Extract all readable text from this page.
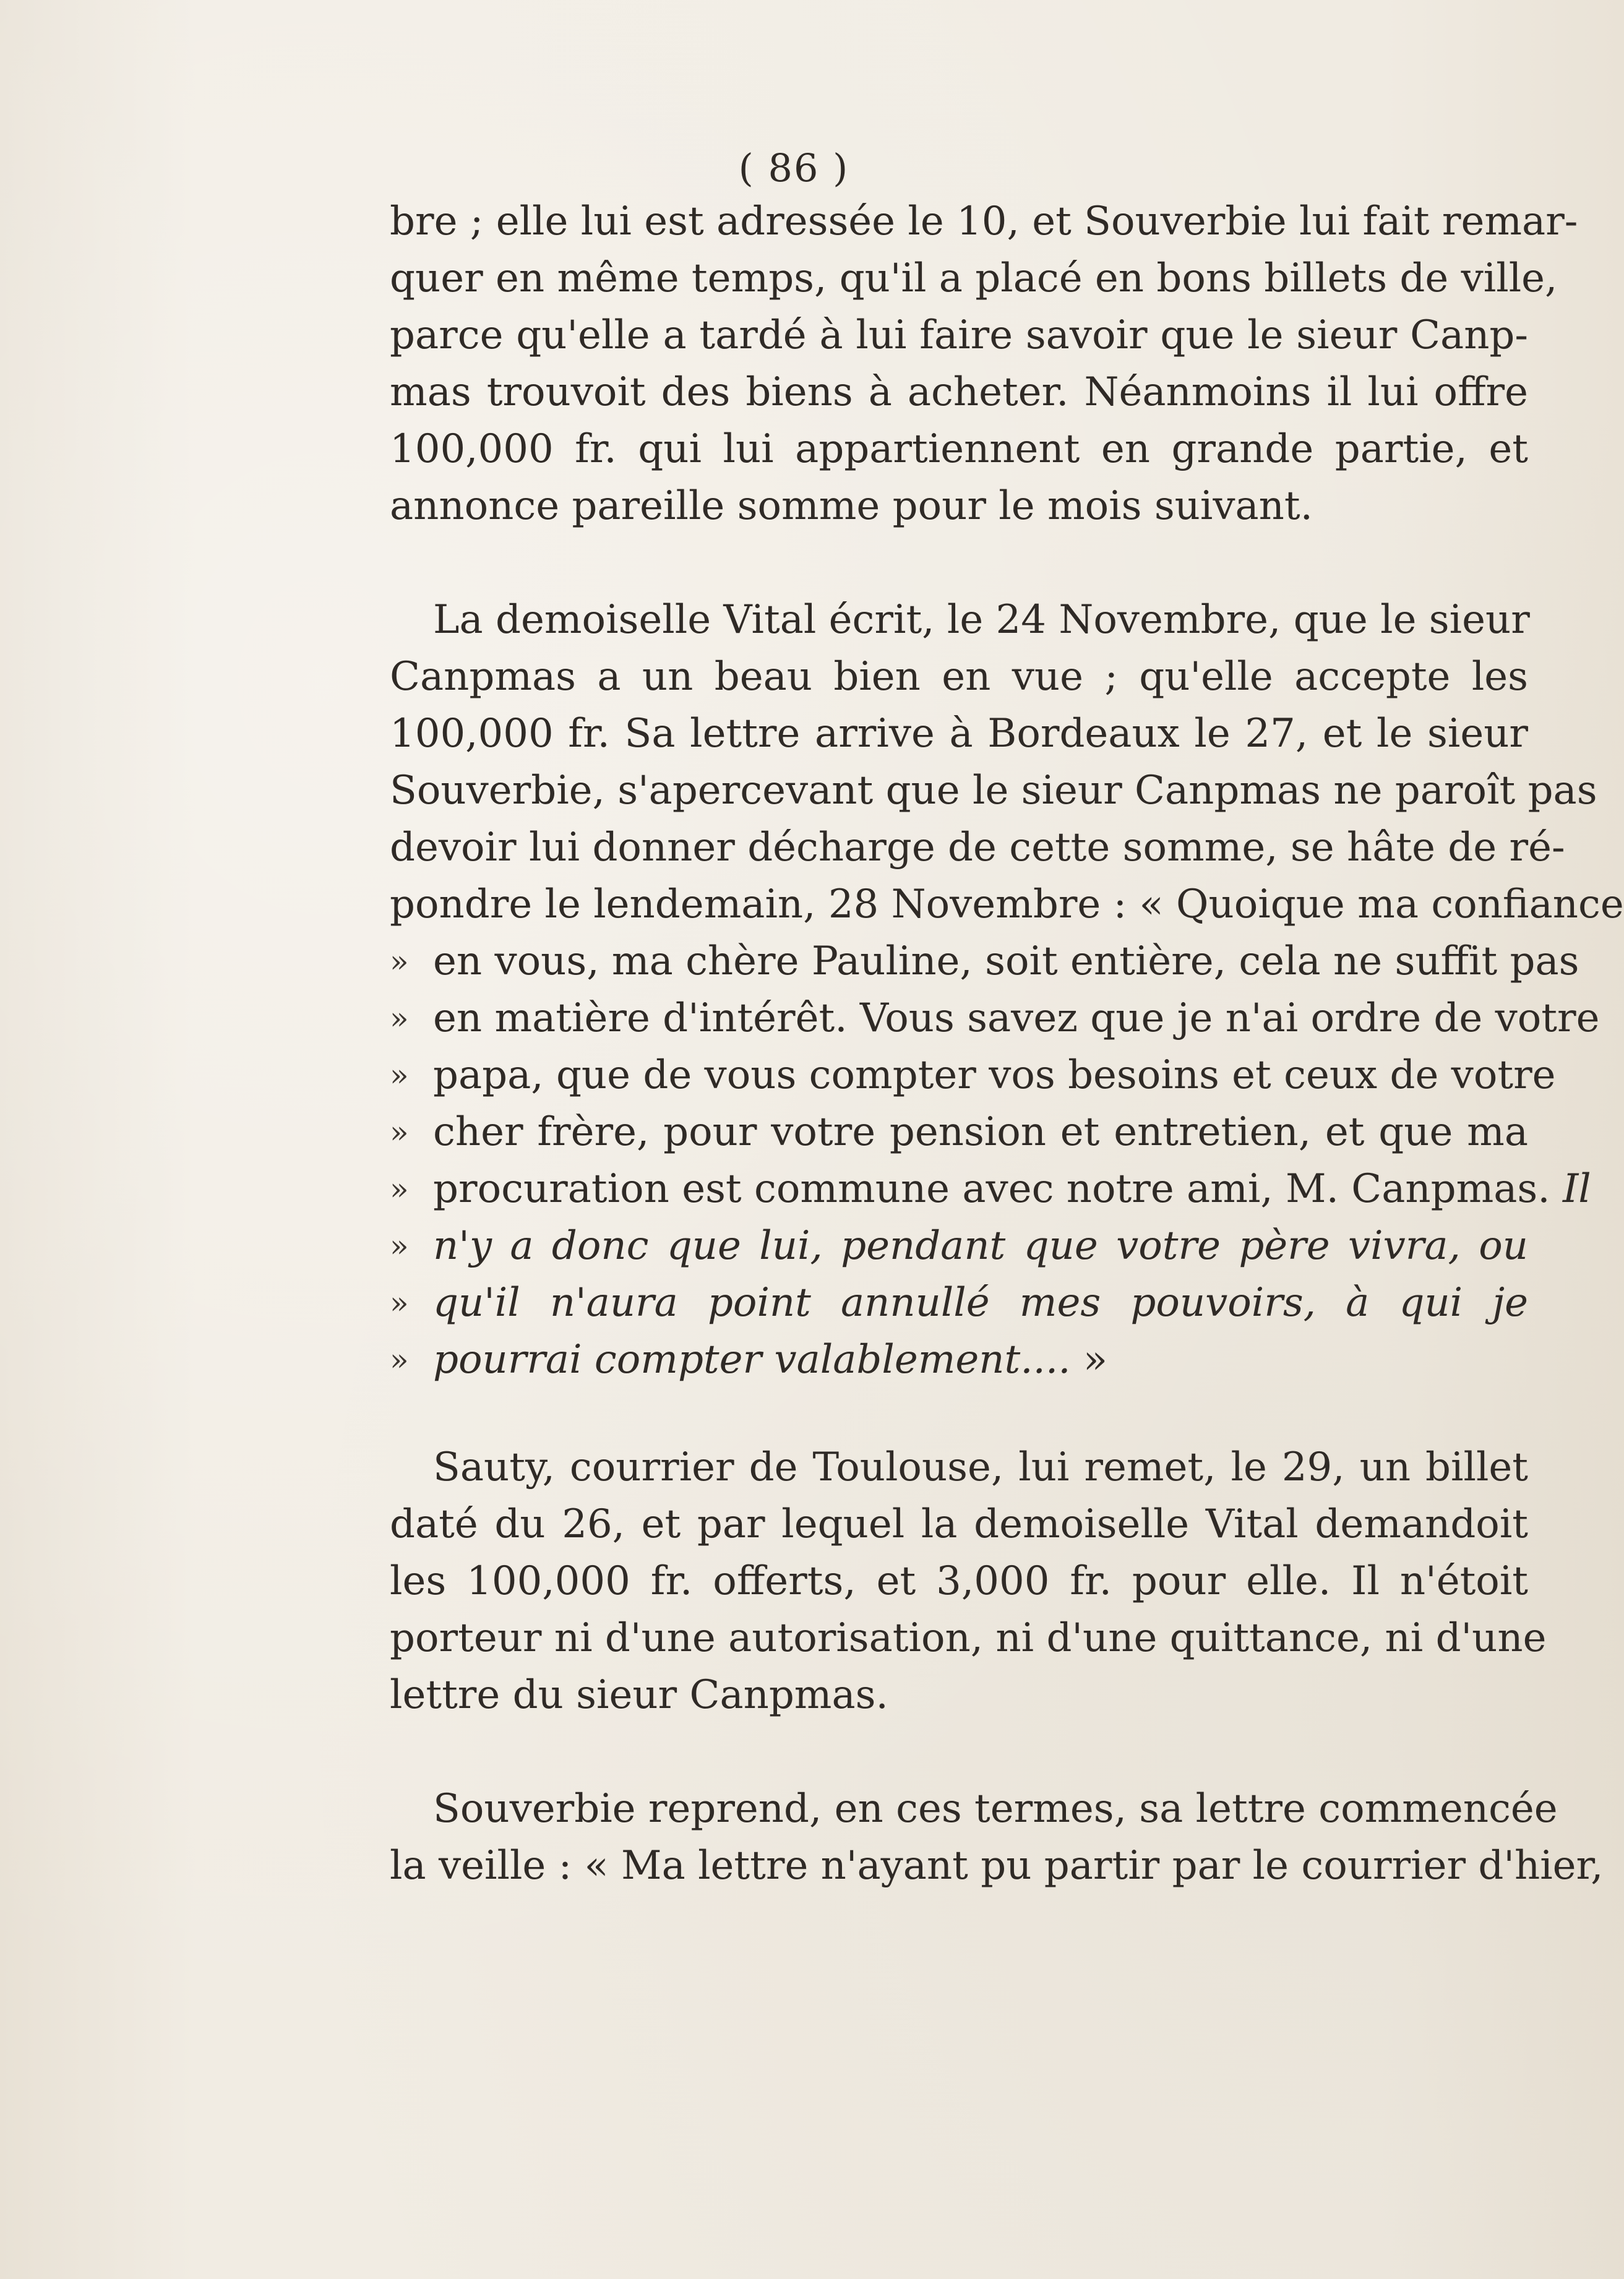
( 86 )
bre ; elle lui est adressée le 10, et Souverbie lui fait remar-
quer en même temps, qu'il a placé en bons billets de ville,
parce qu'elle a tardé à lui faire savoir que le sieur Canp-
mas trouvoit des biens à acheter. Néanmoins il lui offre
100,000 fr. qui lui appartiennent en grande partie, et
annonce pareille somme pour le mois suivant.
La demoiselle Vital écrit, le 24 Novembre, que le sieur
Canpmas a un beau bien en vue ; qu'elle accepte les
100,000 fr. Sa lettre arrive à Bordeaux le 27, et le sieur
Souverbie, s'apercevant que le sieur Canpmas ne paroît pas
devoir lui donner décharge de cette somme, se hâte de ré-
pondre le lendemain, 28 Novembre : « Quoique ma confiance
» en vous, ma chère Pauline, soit entière, cela ne suffit pas
» en matière d'intérêt. Vous savez que je n'ai ordre de votre
» papa, que de vous compter vos besoins et ceux de votre
» cher frère, pour votre pension et entretien, et que ma
» procuration est commune avec notre ami, M. Canpmas. Il
» n'y a donc que lui, pendant que votre père vivra, ou
» qu'il n'aura point annullé mes pouvoirs, à qui je
» pourrai compter valablement.... »
Sauty, courrier de Toulouse, lui remet, le 29, un billet
daté du 26, et par lequel la demoiselle Vital demandoit
les 100,000 fr. offerts, et 3,000 fr. pour elle. Il n'étoit
porteur ni d'une autorisation, ni d'une quittance, ni d'une
lettre du sieur Canpmas.
Souverbie reprend, en ces termes, sa lettre commencée
la veille : « Ma lettre n'ayant pu partir par le courrier d'hier,
